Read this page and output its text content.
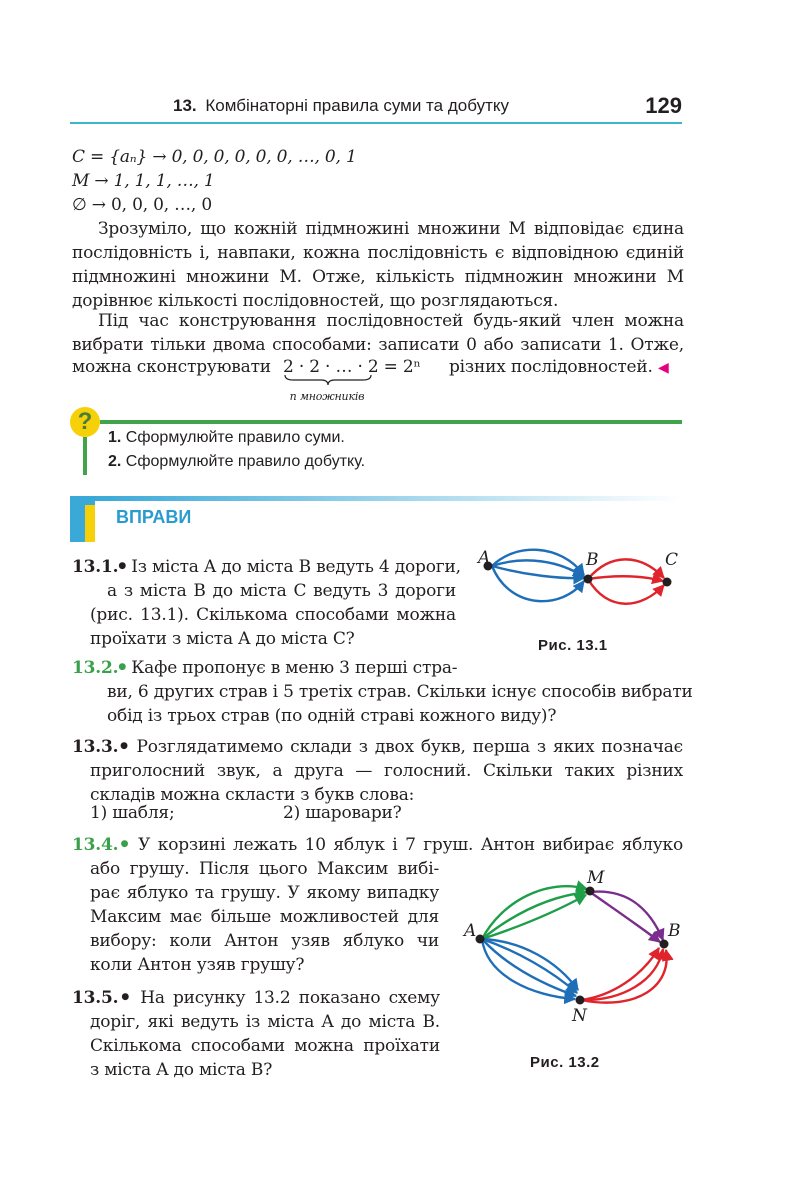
13. Комбінаторні правила суми та добутку	129
C = {aₙ} → 0, 0, 0, 0, 0, 0, …, 0, 1
M → 1, 1, 1, …, 1
∅ → 0, 0, 0, …, 0
Зрозуміло, що кожній підмножині множини M відповідає єдина
послідовність і, навпаки, кожна послідовність є відповідною єдиній
підмножині множини M. Отже, кількість підмножин множини M
дорівнює кількості послідовностей, що розглядаються.
Під час конструювання послідовностей будь-який член можна
вибрати тільки двома способами: записати 0 або записати 1. Отже,
можна сконструювати 2 · 2 · … · 2 = 2ⁿ
n множників
різних послідовностей. ◀
?
1. Сформулюйте правило суми.
2. Сформулюйте правило добутку.
ВПРАВИ
13.1.● Із міста A до міста B ведуть 4 дороги,
а з міста B до міста C ведуть 3 дороги
(рис. 13.1). Скількома способами можна
проїхати з міста A до міста C?
A	B	C
Рис. 13.1
13.2.● Кафе пропонує в меню 3 перші стра-
ви, 6 других страв і 5 третіх страв. Скільки існує способів вибрати
обід із трьох страв (по одній страві кожного виду)?
13.3.● Розглядатимемо склади з двох букв, перша з яких позначає
приголосний звук, а друга — голосний. Скільки таких різних
складів можна скласти з букв слова:
1) шабля;	2) шаровари?
13.4.● У корзині лежать 10 яблук і 7 груш. Антон вибирає яблуко
або грушу. Після цього Максим вибі-
рає яблуко та грушу. У якому випадку
Максим має більше можливостей для
вибору: коли Антон узяв яблуко чи
коли Антон узяв грушу?
A
M
N
B
Рис. 13.2
13.5.● На рисунку 13.2 показано схему
доріг, які ведуть із міста A до міста B.
Скількома способами можна проїхати
з міста A до міста B?
